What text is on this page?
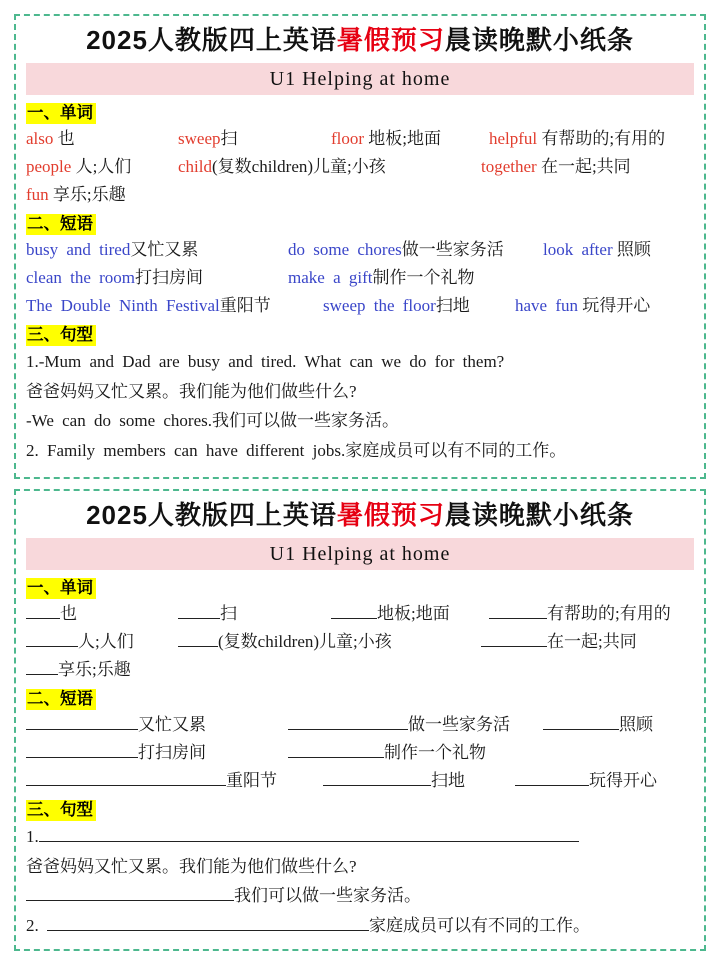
2025人教版四上英语暑假预习晨读晚默小纸条
U1 Helping at home
一、单词
also 也	sweep扫	floor 地板;地面	helpful 有帮助的;有用的
people 人;人们	child(复数children)儿童;小孩	together 在一起;共同
fun 享乐;乐趣
二、短语
busy and tired又忙又累	do some chores做一些家务活	look after 照顾
clean the room打扫房间	make a gift制作一个礼物
The Double Ninth Festival重阳节	sweep the floor扫地	have fun 玩得开心
三、句型
1.-Mum and Dad are busy and tired. What can we do for them?
爸爸妈妈又忙又累。我们能为他们做些什么?
-We can do some chores.我们可以做一些家务活。
2. Family members can have different jobs.家庭成员可以有不同的工作。
2025人教版四上英语暑假预习晨读晚默小纸条
U1 Helping at home
一、单词
也	扫	地板;地面	有帮助的;有用的
人;人们	(复数children)儿童;小孩	在一起;共同
享乐;乐趣
二、短语
又忙又累	做一些家务活	照顾
打扫房间	制作一个礼物
重阳节	扫地	玩得开心
三、句型
1.
爸爸妈妈又忙又累。我们能为他们做些什么?
我们可以做一些家务活。
2.	家庭成员可以有不同的工作。
